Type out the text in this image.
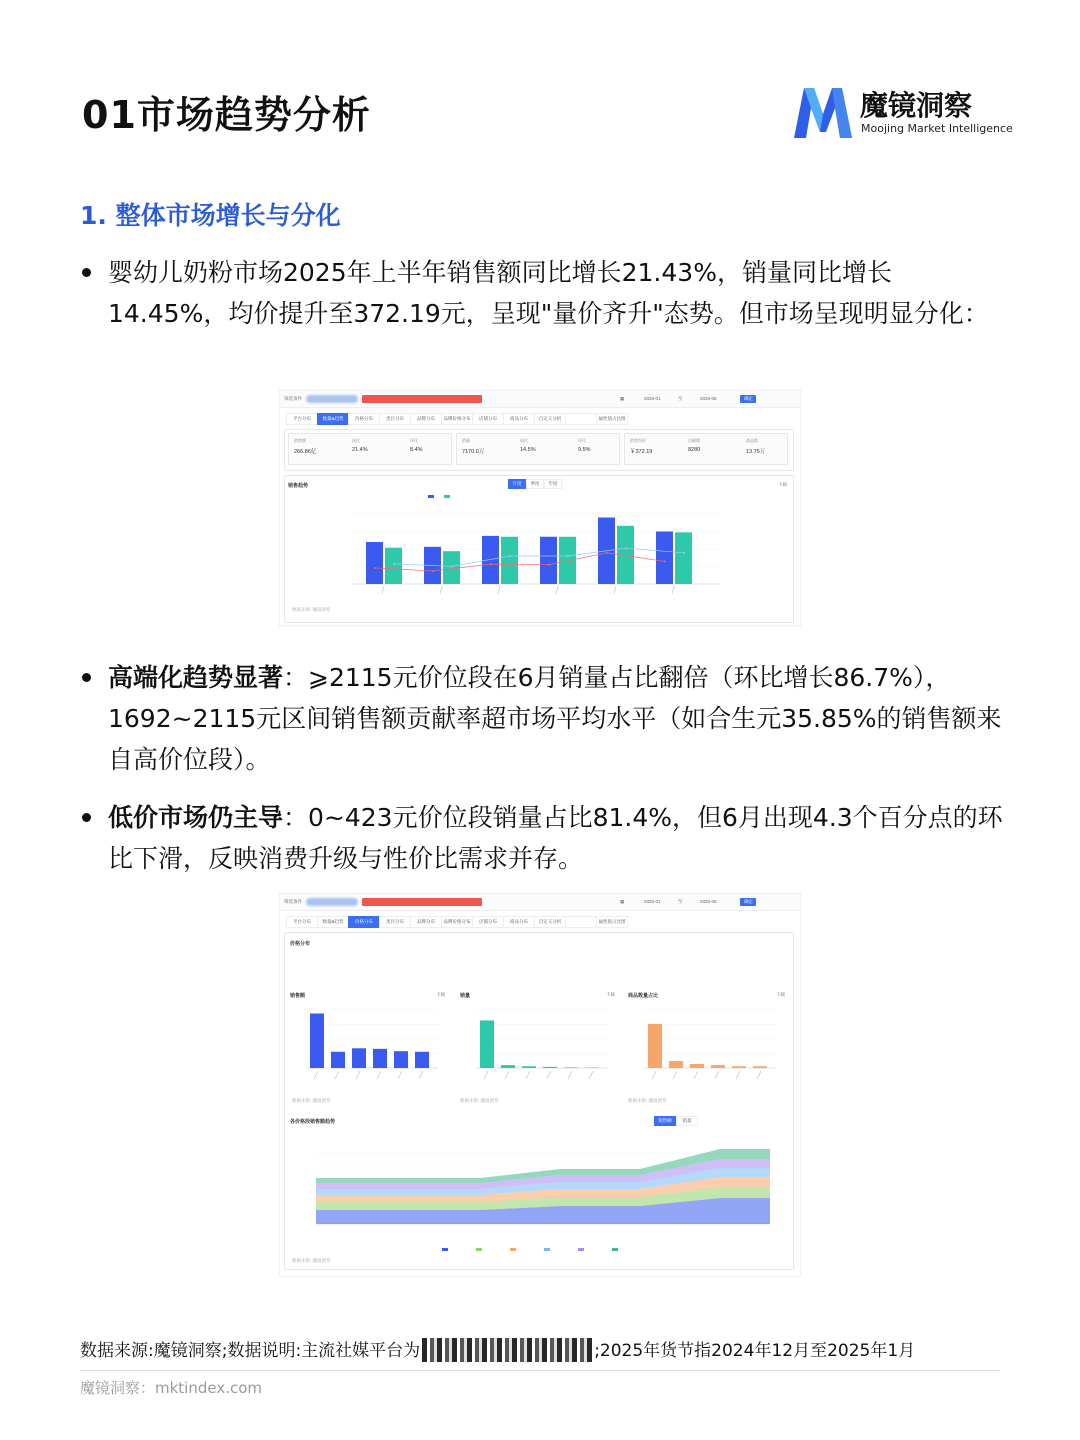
01市场趋势分析	魔镜洞察
Moojing Market Intelligence
1. 整体市场增长与分化
婴幼儿奶粉市场2025年上半年销售额同比增长21.43%，销量同比增长14.45%，均价提升至372.19元，呈现"量价齐升"态势。但市场呈现明显分化：
筛选条件	▦	2025-01	至	2025-06	确定
平台分布	数量&趋势	价格分布	类目分布	品牌分布	品牌价格分布	店铺分布	商品分布	自定义分析	属性值占比图
销售额
266.86亿
同比
21.4%
环比
8.4%
销量
7170.0万
同比
14.5%
环比
9.5%
销售均价
￥372.19
店铺数
8280
商品数
13.75万
销售趋势	月度	季度	年度	下载
数据来源: 魔镜洞察
高端化趋势显著：⩾2115元价位段在6月销量占比翻倍（环比增长86.7%），1692~2115元区间销售额贡献率超市场平均水平（如合生元35.85%的销售额来自高价位段）。
低价市场仍主导：0~423元价位段销量占比81.4%，但6月出现4.3个百分点的环比下滑，反映消费升级与性价比需求并存。
筛选条件	▦	2025-01	至	2025-06	确定
平台分布	数量&趋势	价格分布	类目分布	品牌分布	品牌价格分布	店铺分布	商品分布	自定义分析	属性值占比图
价格分布
销售额	销量	商品数量占比
下载	下载	下载
数据来源: 魔镜洞察	数据来源: 魔镜洞察	数据来源: 魔镜洞察
各价格段销售额趋势	销售额	销量
数据来源: 魔镜洞察
数据来源:魔镜洞察;数据说明:主流社媒平台为	;2025年货节指2024年12月至2025年1月
魔镜洞察：mktindex.com
